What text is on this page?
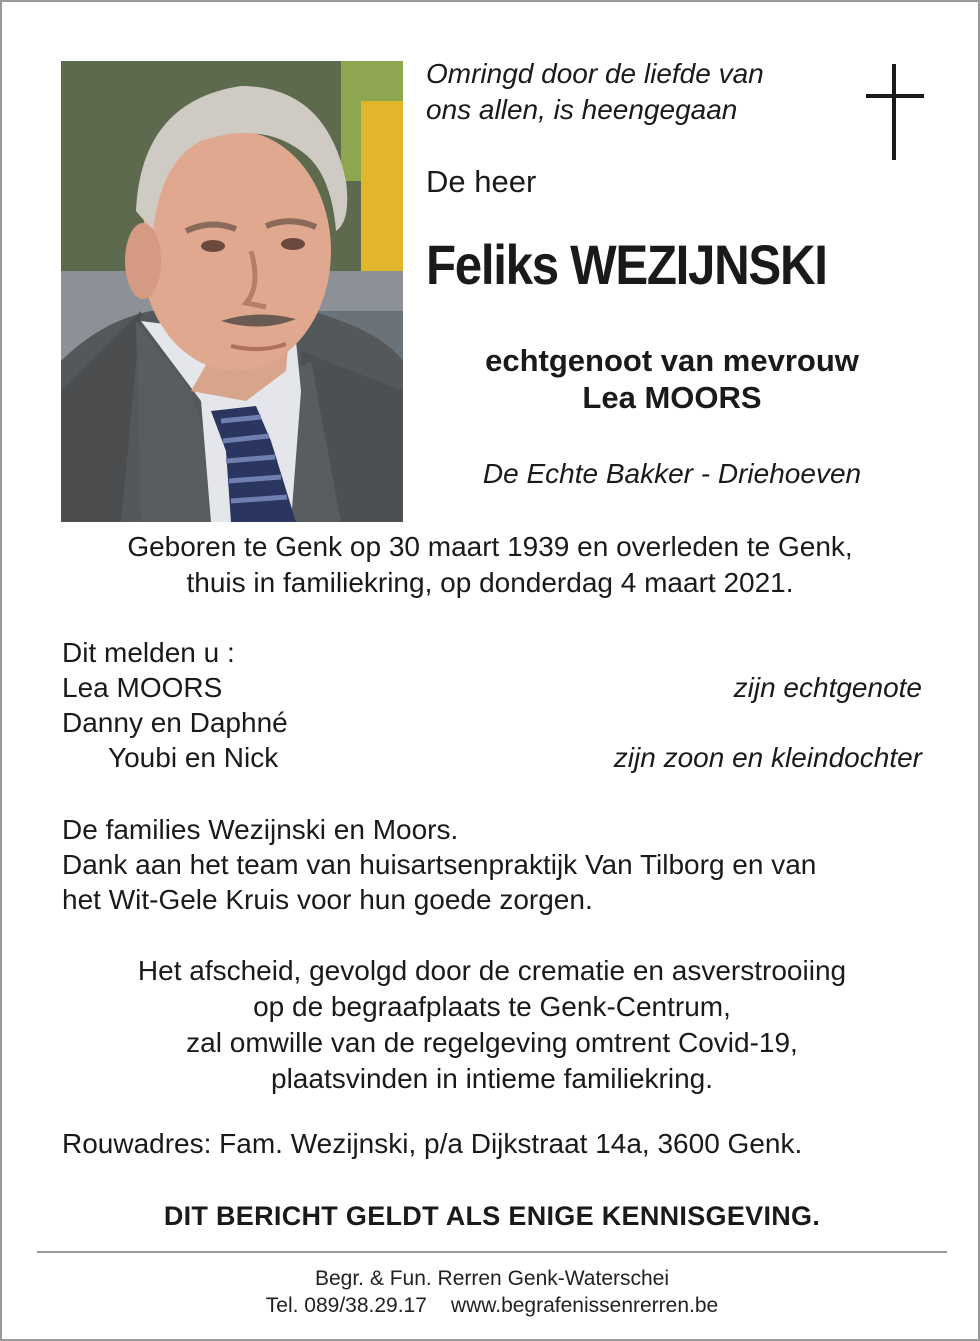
Omringd door de liefde van
ons allen, is heengegaan
De heer
Feliks WEZIJNSKI
echtgenoot van mevrouw
Lea MOORS
De Echte Bakker - Driehoeven
Geboren te Genk op 30 maart 1939 en overleden te Genk,
thuis in familiekring, op donderdag 4 maart 2021.
Dit melden u :
Lea MOORS	zijn echtgenote
Danny en Daphné
Youbi en Nick	zijn zoon en kleindochter
De families Wezijnski en Moors.
Dank aan het team van huisartsenpraktijk Van Tilborg en van
het Wit-Gele Kruis voor hun goede zorgen.
Het afscheid, gevolgd door de crematie en asverstrooiing
op de begraafplaats te Genk-Centrum,
zal omwille van de regelgeving omtrent Covid-19,
plaatsvinden in intieme familiekring.
Rouwadres: Fam. Wezijnski, p/a Dijkstraat 14a, 3600 Genk.
DIT BERICHT GELDT ALS ENIGE KENNISGEVING.
Begr. & Fun. Rerren Genk-Waterschei
Tel. 089/38.29.17 www.begrafenissenrerren.be
